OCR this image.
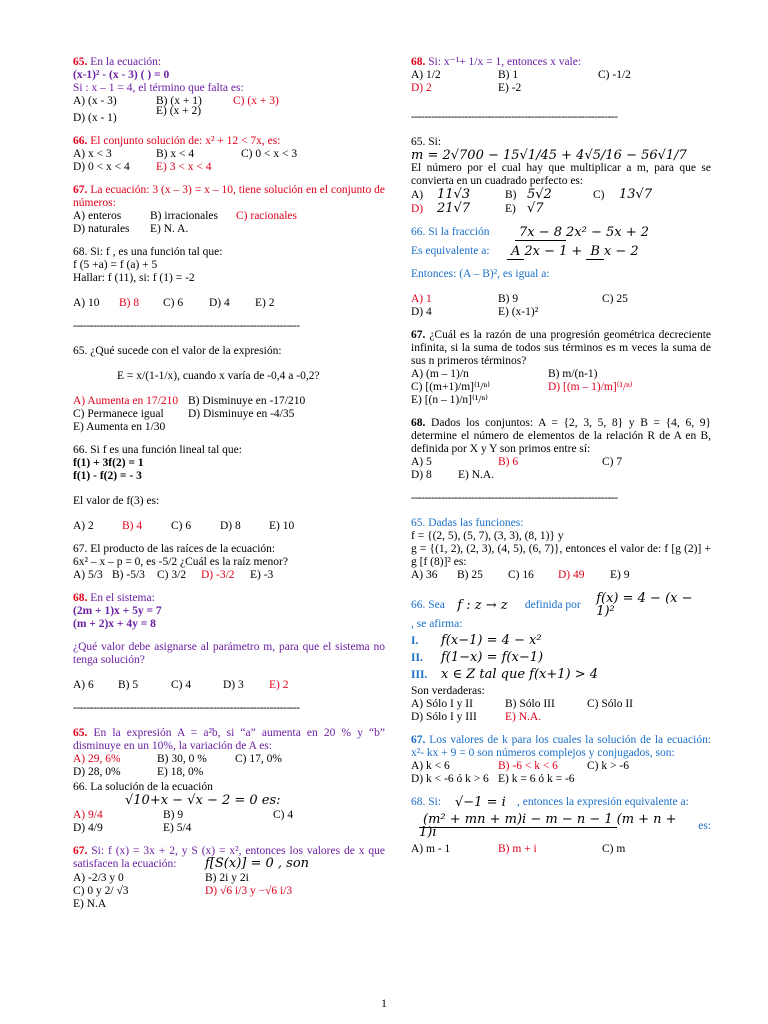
65. En la ecuación:
(x-1)² - (x - 3) ( ) = 0
Si : x – 1 = 4, el término que falta es:
A) (x - 3)	B) (x + 1)	C) (x + 3)
D) (x - 1)
E) (x + 2)
66. El conjunto solución de: x² + 12 < 7x, es:
A) x < 3	B) x < 4	C) 0 < x < 3
D) 0 < x < 4	E) 3 < x < 4
67. La ecuación: 3 (x – 3) = x – 10, tiene solución en el conjunto de números:
A) enteros	B) irracionales	C) racionales
D) naturales	E) N. A.
68. Si: f , es una función tal que:
f (5 +a) = f (a) + 5
Hallar: f (11), si: f (1) = -2
A) 10	B) 8	C) 6	D) 4	E) 2
--------------------------------------------------------------------
65. ¿Qué sucede con el valor de la expresión:
E = x/(1-1/x), cuando x varía de -0,4 a -0,2?
A) Aumenta en 17/210 B) Disminuye en -17/210
C) Permanece igual	D) Disminuye en -4/35
E) Aumenta en 1/30
66. Si f es una función lineal tal que:
f(1) + 3f(2) = 1
f(1) - f(2) = - 3
El valor de f(3) es:
A) 2	B) 4	C) 6	D) 8	E) 10
67. El producto de las raíces de la ecuación:
6x² – x – p = 0, es -5/2 ¿Cuál es la raíz menor?
A) 5/3 B) -5/3	C) 3/2	D) -3/2	E) -3
68. En el sistema:
(2m + 1)x + 5y = 7
(m + 2)x + 4y = 8
¿Qué valor debe asignarse al parámetro m, para que el sistema no tenga solución?
A) 6	B) 5	C) 4	D) 3	E) 2
--------------------------------------------------------------------
65. En la expresión A = a²b, si “a” aumenta en 20 % y “b” disminuye en un 10%, la variación de A es:
A) 29, 6%	B) 30, 0 %	C) 17, 0%
D) 28, 0%	E) 18, 0%
66. La solución de la ecuación
√10+x − √x − 2 = 0 es:
A) 9/4	B) 9	C) 4
D) 4/9	E) 5/4
67. Si: f (x) = 3x + 2, y S (x) = x², entonces los valores de x que satisfacen la ecuación:	f[S(x)] = 0 , son
A) -2/3 y 0	B) 2i y 2i
C) 0 y 2/ √3	D) √6 i/3 y −√6 i/3
E) N.A
68. Si: x⁻¹+ 1/x = 1, entonces x vale:
A) 1/2	B) 1	C) -1/2
D) 2	E) -2
--------------------------------------------------------------
65. Si:
m = 2√700 − 15√1/45 + 4√5/16 − 56√1/7
El número por el cual hay que multiplicar a m, para que se convierta en un cuadrado perfecto es:
A)	11√3	B) 5√2	C)	13√7
D)	21√7	E) √7
66. Si la fracción	7x − 8 2x² − 5x + 2
Es equivalente a:	A 2x − 1 + B x − 2
Entonces: (A – B)², es igual a:
A) 1	B) 9	C) 25
D) 4	E) (x-1)²
67. ¿Cuál es la razón de una progresión geométrica decreciente infinita, si la suma de todos sus términos es m veces la suma de sus n primeros términos?
A) (m – 1)/n	B) m/(n-1)
C) [(m+1)/m]⁽¹/ⁿ⁾	D) [(m – 1)/m]⁽¹/ⁿ⁾
E) [(n – 1)/n]⁽¹/ⁿ⁾
68. Dados los conjuntos: A = {2, 3, 5, 8} y B = {4, 6, 9} determine el número de elementos de la relación R de A en B, definida por X y Y son primos entre sí:
A) 5	B) 6	C) 7
D) 8	E) N.A.
--------------------------------------------------------------
65. Dadas las funciones:
f = {(2, 5), (5, 7), (3, 3), (8, 1)} y
g = {(1, 2), (2, 3), (4, 5), (6, 7)}, entonces el valor de: f [g (2)] + g [f (8)]² es:
A) 36	B) 25	C) 16	D) 49	E) 9
66. Sea f : z → z	definida por	f(x) = 4 − (x − 1)²
, se afirma:
I.	f(x−1) = 4 − x²
II.	f(1−x) = f(x−1)
III.	x ∈ Z tal que f(x+1) > 4
Son verdaderas:
A) Sólo I y II	B) Sólo III	C) Sólo II
D) Sólo I y III	E) N.A.
67. Los valores de k para los cuales la solución de la ecuación: x²- kx + 9 = 0 son números complejos y conjugados, son:
A) k < 6	B) -6 < k < 6	C) k > -6
D) k < -6 ó k > 6 E) k = 6 ó k = -6
68. Si:	√−1 = i , entonces la expresión equivalente a:
(m² + mn + m)i − m − n − 1 (m + n + 1)i	es:
A) m - 1	B) m + i	C) m
1
